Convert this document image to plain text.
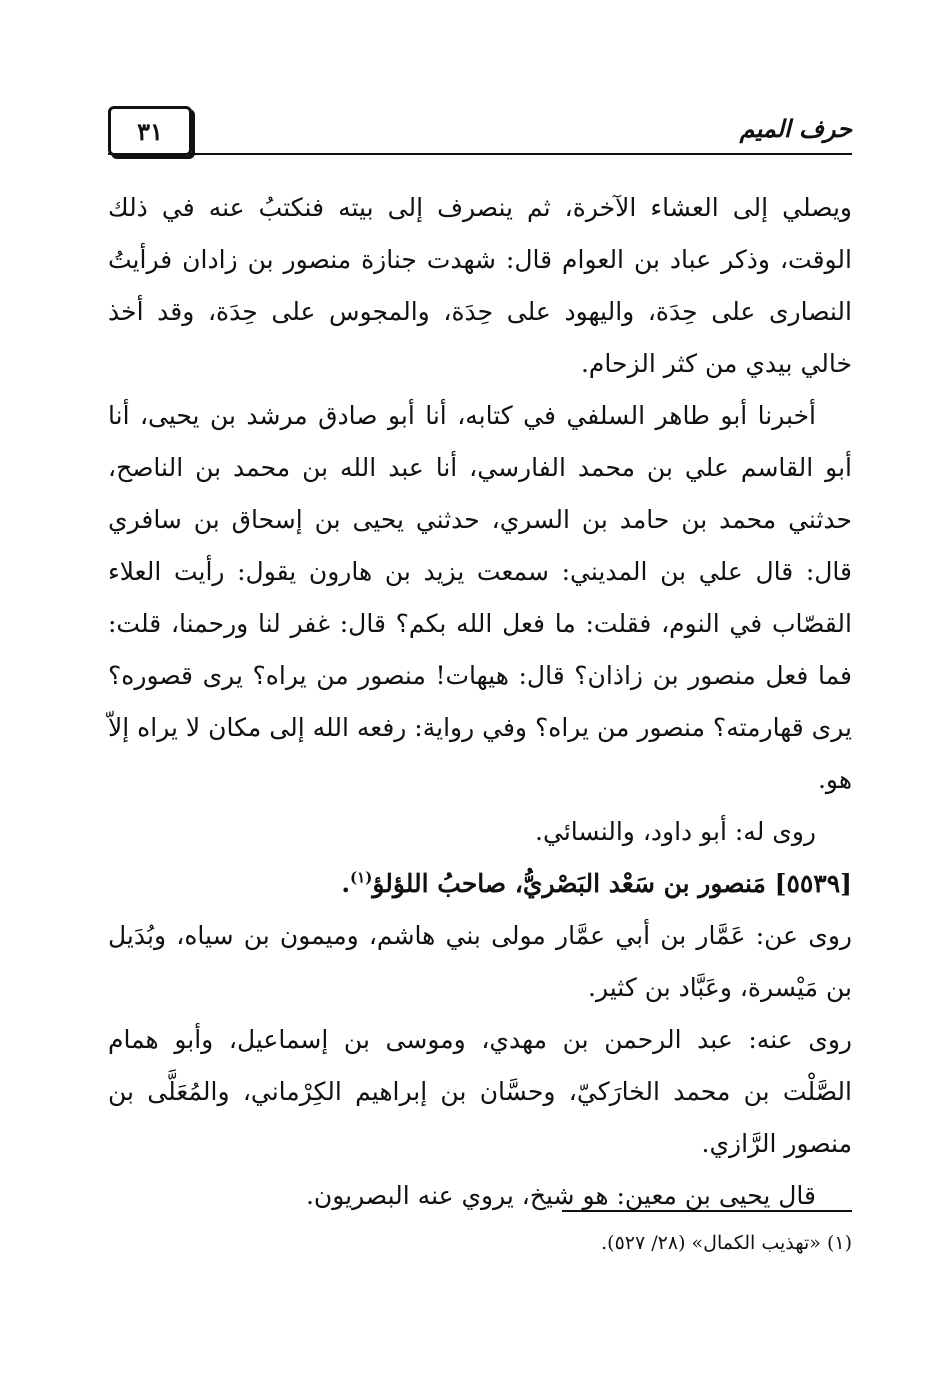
٣١	حرف الميم

ويصلي إلى العشاء الآخرة، ثم ينصرف إلى بيته فنكتبُ عنه في ذلك الوقت، وذكر عباد بن العوام قال: شهدت جنازة منصور بن زادان فرأيتُ النصارى على حِدَة، واليهود على حِدَة، والمجوس على حِدَة، وقد أخذ خالي بيدي من كثر الزحام.

أخبرنا أبو طاهر السلفي في كتابه، أنا أبو صادق مرشد بن يحيى، أنا أبو القاسم علي بن محمد الفارسي، أنا عبد الله بن محمد بن الناصح، حدثني محمد بن حامد بن السري، حدثني يحيى بن إسحاق بن سافري قال: قال علي بن المديني: سمعت يزيد بن هارون يقول: رأيت العلاء القصّاب في النوم، فقلت: ما فعل الله بكم؟ قال: غفر لنا ورحمنا، قلت: فما فعل منصور بن زاذان؟ قال: هيهات! منصور من يراه؟ يرى قصوره؟ يرى قهارمته؟ منصور من يراه؟ وفي رواية: رفعه الله إلى مكان لا يراه إلاّ هو.

روى له: أبو داود، والنسائي.

[٥٥٣٩] مَنصور بن سَعْد البَصْريُّ، صاحبُ اللؤلؤ$^{(١)}$.

روى عن: عَمَّار بن أبي عمَّار مولى بني هاشم، وميمون بن سياه، وبُدَيل بن مَيْسرة، وعَبَّاد بن كثير.

روى عنه: عبد الرحمن بن مهدي، وموسى بن إسماعيل، وأبو همام الصَّلْت بن محمد الخارَكيّ، وحسَّان بن إبراهيم الكِرْماني، والمُعَلَّى بن منصور الرَّازي.

قال يحيى بن معين: هو شيخ، يروي عنه البصريون.

(١) «تهذيب الكمال» (٢٨/ ٥٢٧).
